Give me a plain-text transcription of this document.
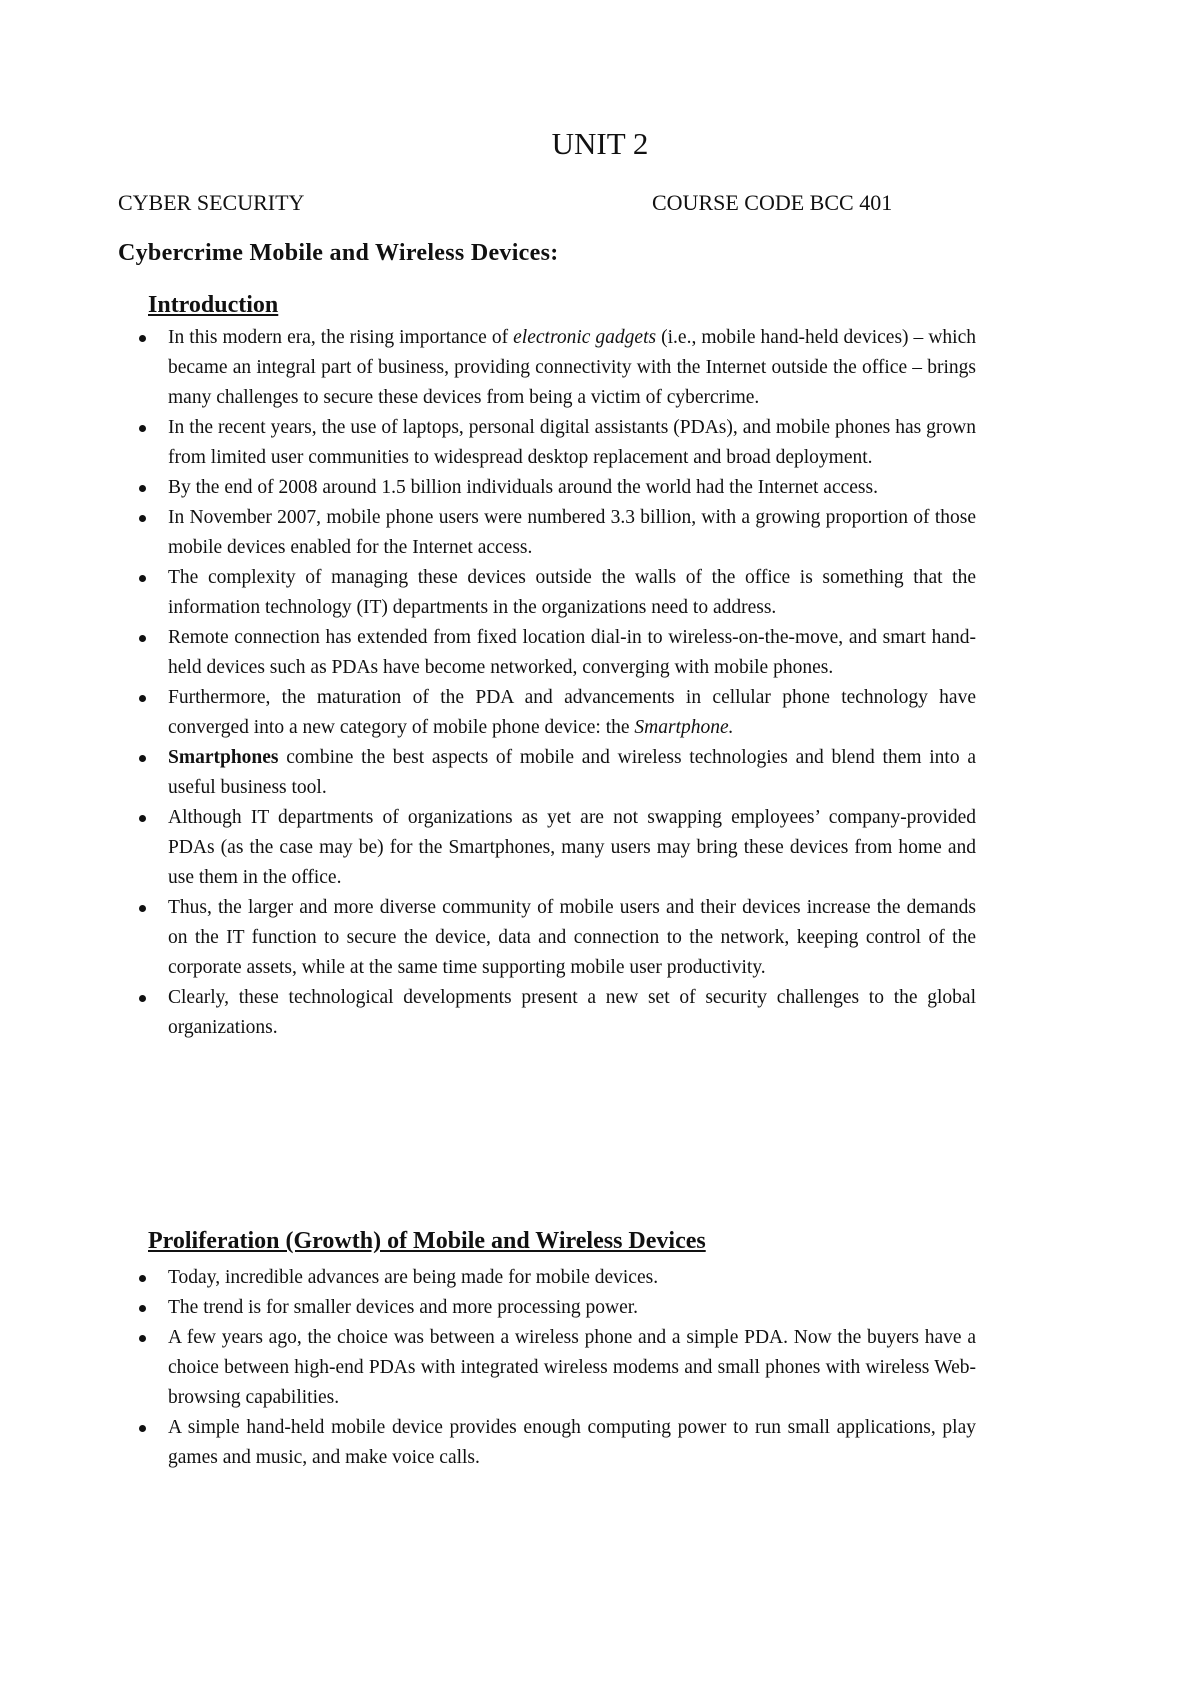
UNIT 2
CYBER SECURITY	COURSE CODE BCC 401
Cybercrime Mobile and Wireless Devices:
Introduction
In this modern era, the rising importance of electronic gadgets (i.e., mobile hand-held devices) – which became an integral part of business, providing connectivity with the Internet outside the office – brings many challenges to secure these devices from being a victim of cybercrime.
In the recent years, the use of laptops, personal digital assistants (PDAs), and mobile phones has grown from limited user communities to widespread desktop replacement and broad deployment.
By the end of 2008 around 1.5 billion individuals around the world had the Internet access.
In November 2007, mobile phone users were numbered 3.3 billion, with a growing proportion of those mobile devices enabled for the Internet access.
The complexity of managing these devices outside the walls of the office is something that the information technology (IT) departments in the organizations need to address.
Remote connection has extended from fixed location dial-in to wireless-on-the-move, and smart hand-held devices such as PDAs have become networked, converging with mobile phones.
Furthermore, the maturation of the PDA and advancements in cellular phone technology have converged into a new category of mobile phone device: the Smartphone.
Smartphones combine the best aspects of mobile and wireless technologies and blend them into a useful business tool.
Although IT departments of organizations as yet are not swapping employees’ company-provided PDAs (as the case may be) for the Smartphones, many users may bring these devices from home and use them in the office.
Thus, the larger and more diverse community of mobile users and their devices increase the demands on the IT function to secure the device, data and connection to the network, keeping control of the corporate assets, while at the same time supporting mobile user productivity.
Clearly, these technological developments present a new set of security challenges to the global organizations.
Proliferation (Growth) of Mobile and Wireless Devices
Today, incredible advances are being made for mobile devices.
The trend is for smaller devices and more processing power.
A few years ago, the choice was between a wireless phone and a simple PDA. Now the buyers have a choice between high-end PDAs with integrated wireless modems and small phones with wireless Web-browsing capabilities.
A simple hand-held mobile device provides enough computing power to run small applications, play games and music, and make voice calls.
